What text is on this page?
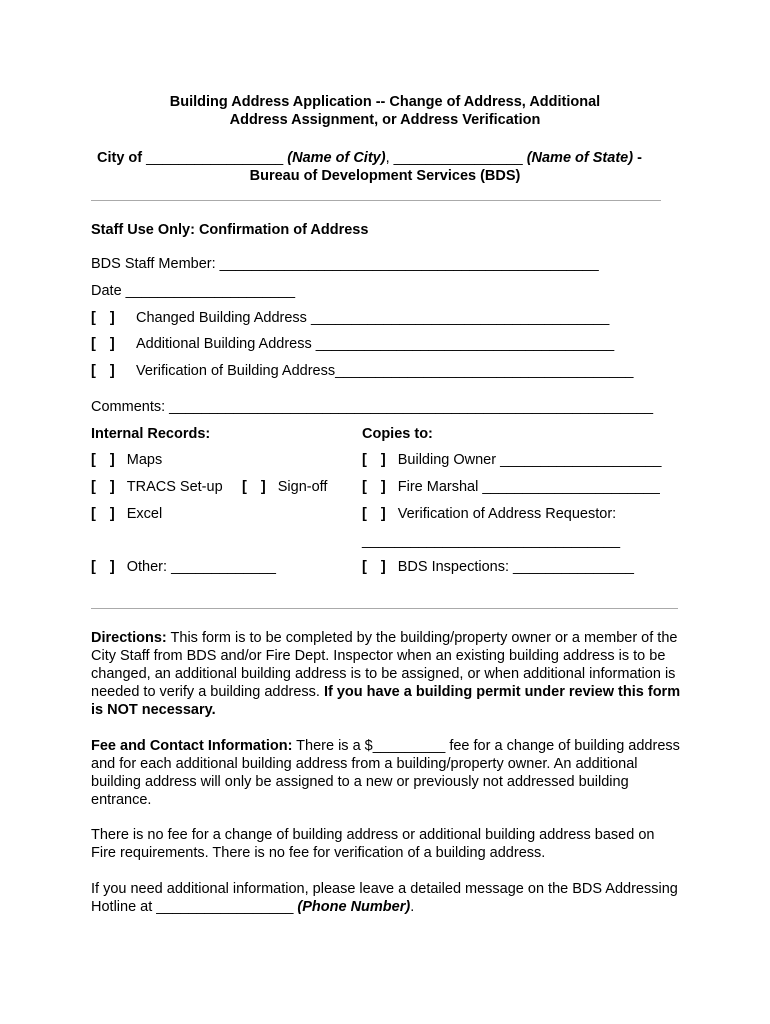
Building Address Application -- Change of Address, Additional
Address Assignment, or Address Verification
City of _________________ (Name of City), ________________ (Name of State) -
Bureau of Development Services (BDS)
Staff Use Only: Confirmation of Address
BDS Staff Member: _______________________________________________
Date _____________________
[ ] Changed Building Address _____________________________________
[ ] Additional Building Address _____________________________________
[ ] Verification of Building Address_____________________________________
Comments: ____________________________________________________________
Internal Records:
[ ] Maps
[ ] TRACS Set-up [ ] Sign-off
[ ] Excel
[ ] Other: _____________
Copies to:
[ ] Building Owner ____________________
[ ] Fire Marshal ______________________
[ ] Verification of Address Requestor:
________________________________
[ ] BDS Inspections: _______________

Directions: This form is to be completed by the building/property owner or a member of the City Staff from BDS and/or Fire Dept. Inspector when an existing building address is to be changed, an additional building address is to be assigned, or when additional information is needed to verify a building address. If you have a building permit under review this form is NOT necessary.

Fee and Contact Information: There is a $_________ fee for a change of building address and for each additional building address from a building/property owner. An additional building address will only be assigned to a new or previously not addressed building entrance.

There is no fee for a change of building address or additional building address based on Fire requirements. There is no fee for verification of a building address.

If you need additional information, please leave a detailed message on the BDS Addressing Hotline at _________________ (Phone Number).
